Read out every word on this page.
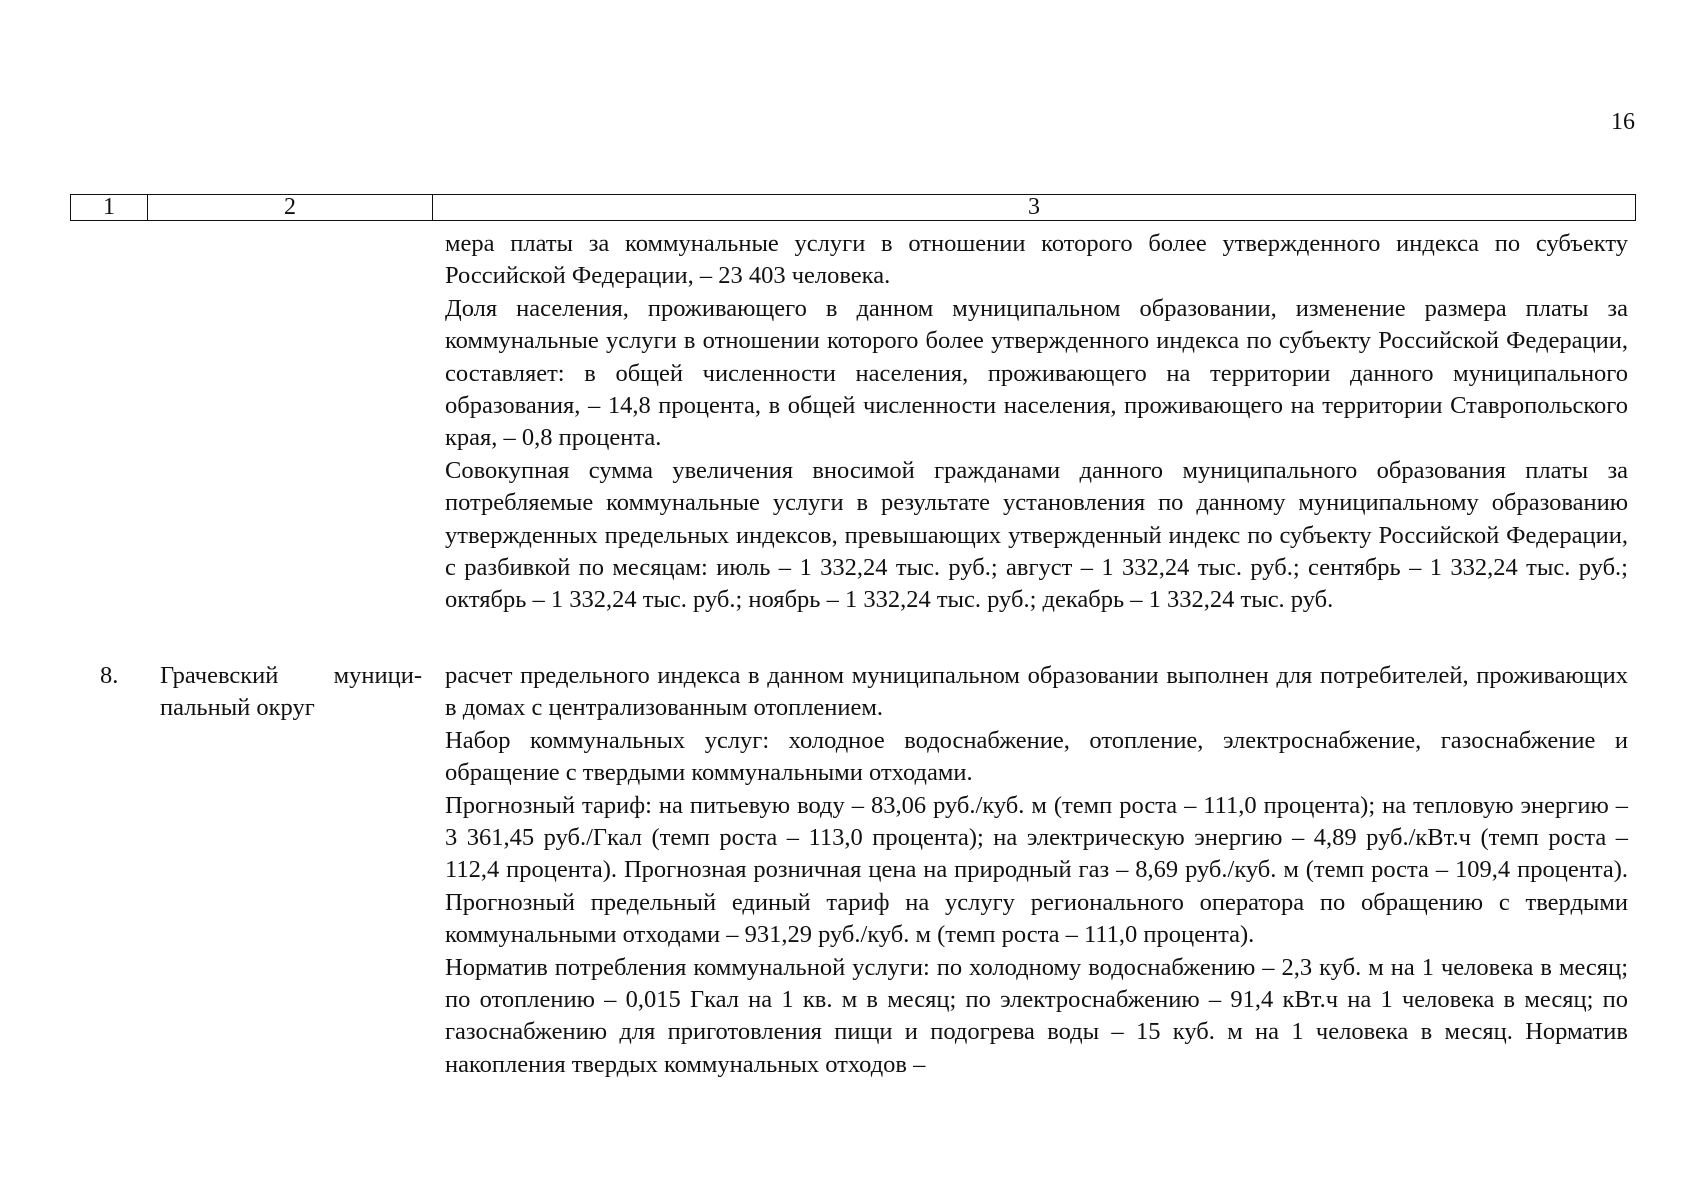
16
1	2	3

мера платы за коммунальные услуги в отношении которого более утвержденного индекса по субъекту Российской Федерации, – 23 403 человека.

Доля населения, проживающего в данном муниципальном образовании, изменение размера платы за коммунальные услуги в отношении которого более утвержденного индекса по субъекту Российской Федерации, составляет: в общей численности населения, проживающего на территории данного муниципального образования, – 14,8 процента, в общей численности населения, проживающего на территории Ставропольского края, – 0,8 процента.

Совокупная сумма увеличения вносимой гражданами данного муниципального образования платы за потребляемые коммунальные услуги в результате установления по данному муниципальному образованию утвержденных предельных индексов, превышающих утвержденный индекс по субъекту Российской Федерации, с разбивкой по месяцам: июль – 1 332,24 тыс. руб.; август – 1 332,24 тыс. руб.; сентябрь – 1 332,24 тыс. руб.; октябрь – 1 332,24 тыс. руб.; ноябрь – 1 332,24 тыс. руб.; декабрь – 1 332,24 тыс. руб.

8. Грачевский муници-
пальный округ

расчет предельного индекса в данном муниципальном образовании выполнен для потребителей, проживающих в домах с централизованным отоплением.

Набор коммунальных услуг: холодное водоснабжение, отопление, электроснабжение, газоснабжение и обращение с твердыми коммунальными отходами.

Прогнозный тариф: на питьевую воду – 83,06 руб./куб. м (темп роста – 111,0 процента); на тепловую энергию – 3 361,45 руб./Гкал (темп роста – 113,0 процента); на электрическую энергию – 4,89 руб./кВт.ч (темп роста – 112,4 процента). Прогнозная розничная цена на природный газ – 8,69 руб./куб. м (темп роста – 109,4 процента). Прогнозный предельный единый тариф на услугу регионального оператора по обращению с твердыми коммунальными отходами – 931,29 руб./куб. м (темп роста – 111,0 процента).

Норматив потребления коммунальной услуги: по холодному водоснабжению – 2,3 куб. м на 1 человека в месяц; по отоплению – 0,015 Гкал на 1 кв. м в месяц; по электроснабжению – 91,4 кВт.ч на 1 человека в месяц; по газоснабжению для приготовления пищи и подогрева воды – 15 куб. м на 1 человека в месяц. Норматив накопления твердых коммунальных отходов –
